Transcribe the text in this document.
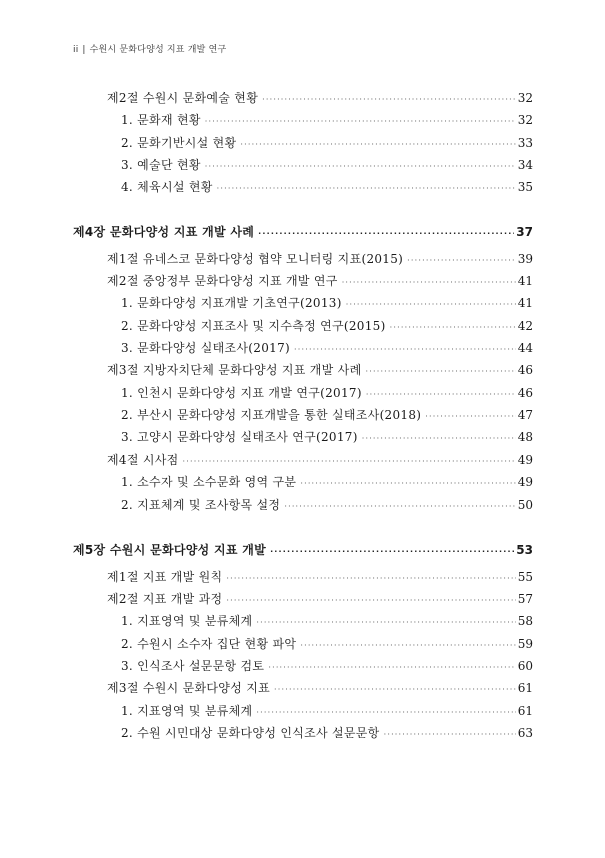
ii | 수원시 문화다양성 지표 개발 연구
제2절 수원시 문화예술 현황 ·····	32
1. 문화재 현황 ·····	32
2. 문화기반시설 현황 ·····	33
3. 예술단 현황 ·····	34
4. 체육시설 현황 ·····	35
제4장 문화다양성 지표 개발 사례 ·····	37
제1절 유네스코 문화다양성 협약 모니터링 지표(2015) ·····	39
제2절 중앙정부 문화다양성 지표 개발 연구 ·····	41
1. 문화다양성 지표개발 기초연구(2013) ·····	41
2. 문화다양성 지표조사 및 지수측정 연구(2015) ·····	42
3. 문화다양성 실태조사(2017) ·····	44
제3절 지방자치단체 문화다양성 지표 개발 사례 ·····	46
1. 인천시 문화다양성 지표 개발 연구(2017) ·····	46
2. 부산시 문화다양성 지표개발을 통한 실태조사(2018) ·····	47
3. 고양시 문화다양성 실태조사 연구(2017) ·····	48
제4절 시사점 ·····	49
1. 소수자 및 소수문화 영역 구분 ·····	49
2. 지표체계 및 조사항목 설정 ·····	50
제5장 수원시 문화다양성 지표 개발 ·····	53
제1절 지표 개발 원칙 ·····	55
제2절 지표 개발 과정 ·····	57
1. 지표영역 및 분류체계 ·····	58
2. 수원시 소수자 집단 현황 파악 ·····	59
3. 인식조사 설문문항 검토 ·····	60
제3절 수원시 문화다양성 지표 ·····	61
1. 지표영역 및 분류체계 ·····	61
2. 수원 시민대상 문화다양성 인식조사 설문문항 ·····	63
